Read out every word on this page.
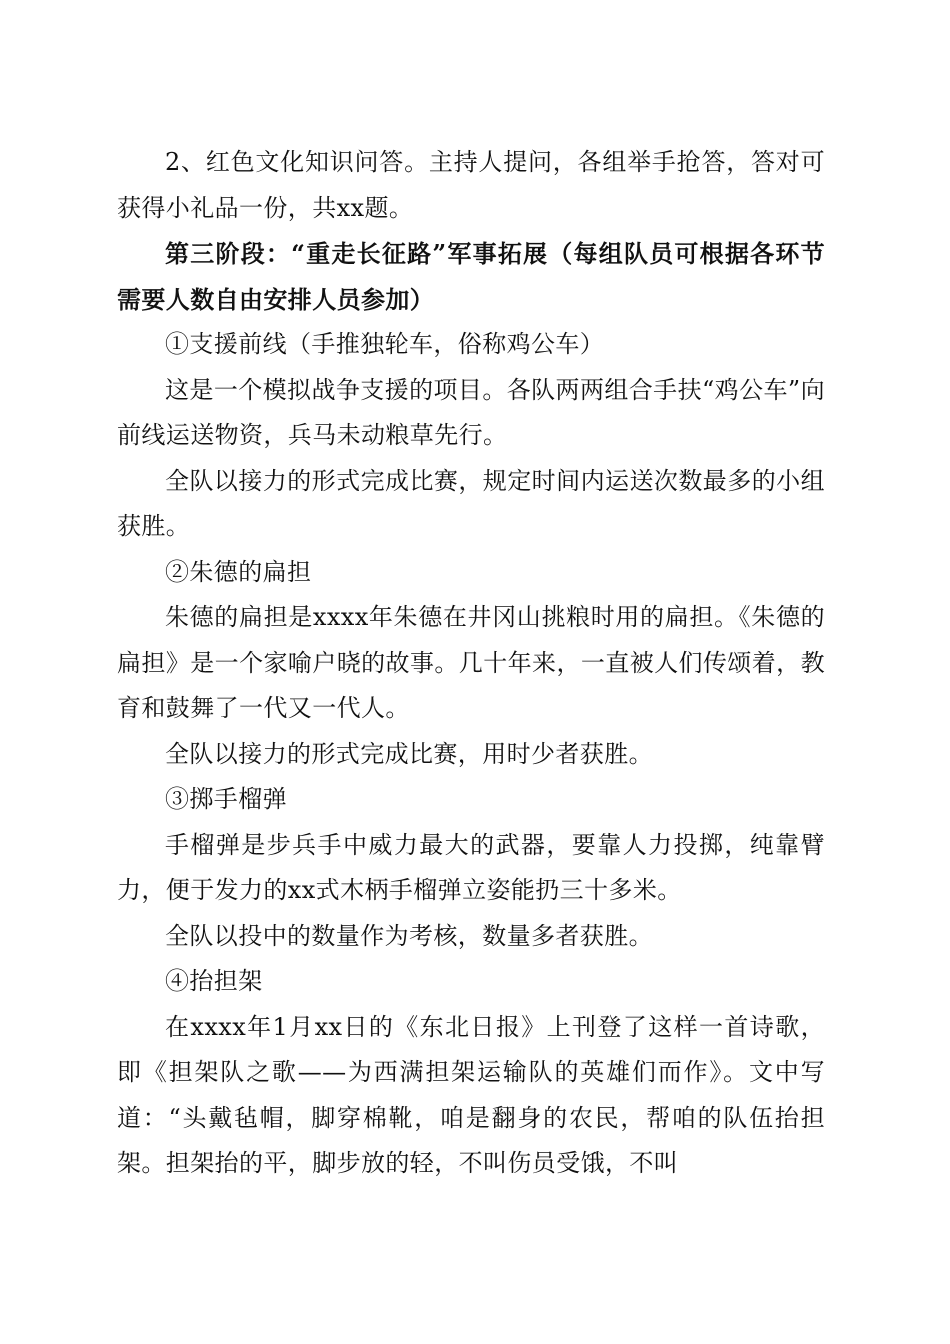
2、红色文化知识问答。主持人提问，各组举手抢答，答对可获得小礼品一份，共xx题。

第三阶段：“重走长征路”军事拓展（每组队员可根据各环节需要人数自由安排人员参加）

①支援前线（手推独轮车，俗称鸡公车）

这是一个模拟战争支援的项目。各队两两组合手扶“鸡公车”向前线运送物资，兵马未动粮草先行。

全队以接力的形式完成比赛，规定时间内运送次数最多的小组获胜。

②朱德的扁担

朱德的扁担是xxxx年朱德在井冈山挑粮时用的扁担。《朱德的扁担》是一个家喻户晓的故事。几十年来，一直被人们传颂着，教育和鼓舞了一代又一代人。

全队以接力的形式完成比赛，用时少者获胜。

③掷手榴弹

手榴弹是步兵手中威力最大的武器，要靠人力投掷，纯靠臂力，便于发力的xx式木柄手榴弹立姿能扔三十多米。

全队以投中的数量作为考核，数量多者获胜。

④抬担架

在xxxx年1月xx日的《东北日报》上刊登了这样一首诗歌，即《担架队之歌——为西满担架运输队的英雄们而作》。文中写道：“头戴毡帽，脚穿棉靴，咱是翻身的农民，帮咱的队伍抬担架。担架抬的平，脚步放的轻，不叫伤员受饿，不叫
